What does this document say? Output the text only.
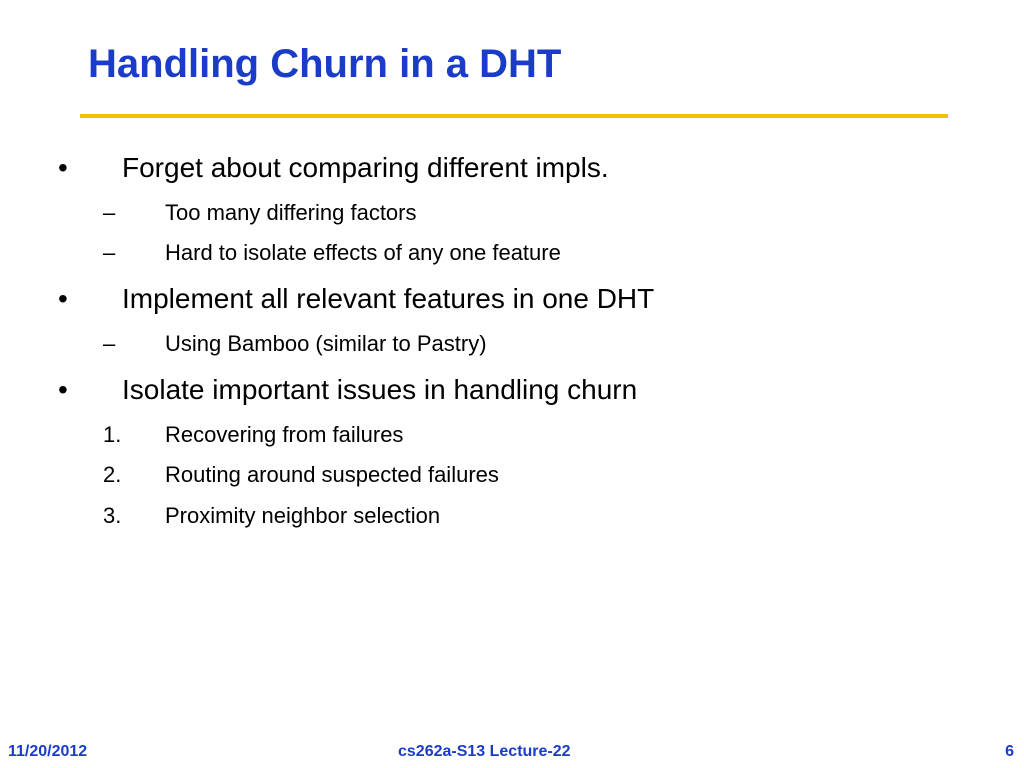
Handling Churn in a DHT
• Forget about comparing different impls.
– Too many differing factors
– Hard to isolate effects of any one feature
• Implement all relevant features in one DHT
– Using Bamboo (similar to Pastry)
• Isolate important issues in handling churn
1. Recovering from failures
2. Routing around suspected failures
3. Proximity neighbor selection
11/20/2012	cs262a-S13 Lecture-22	6
